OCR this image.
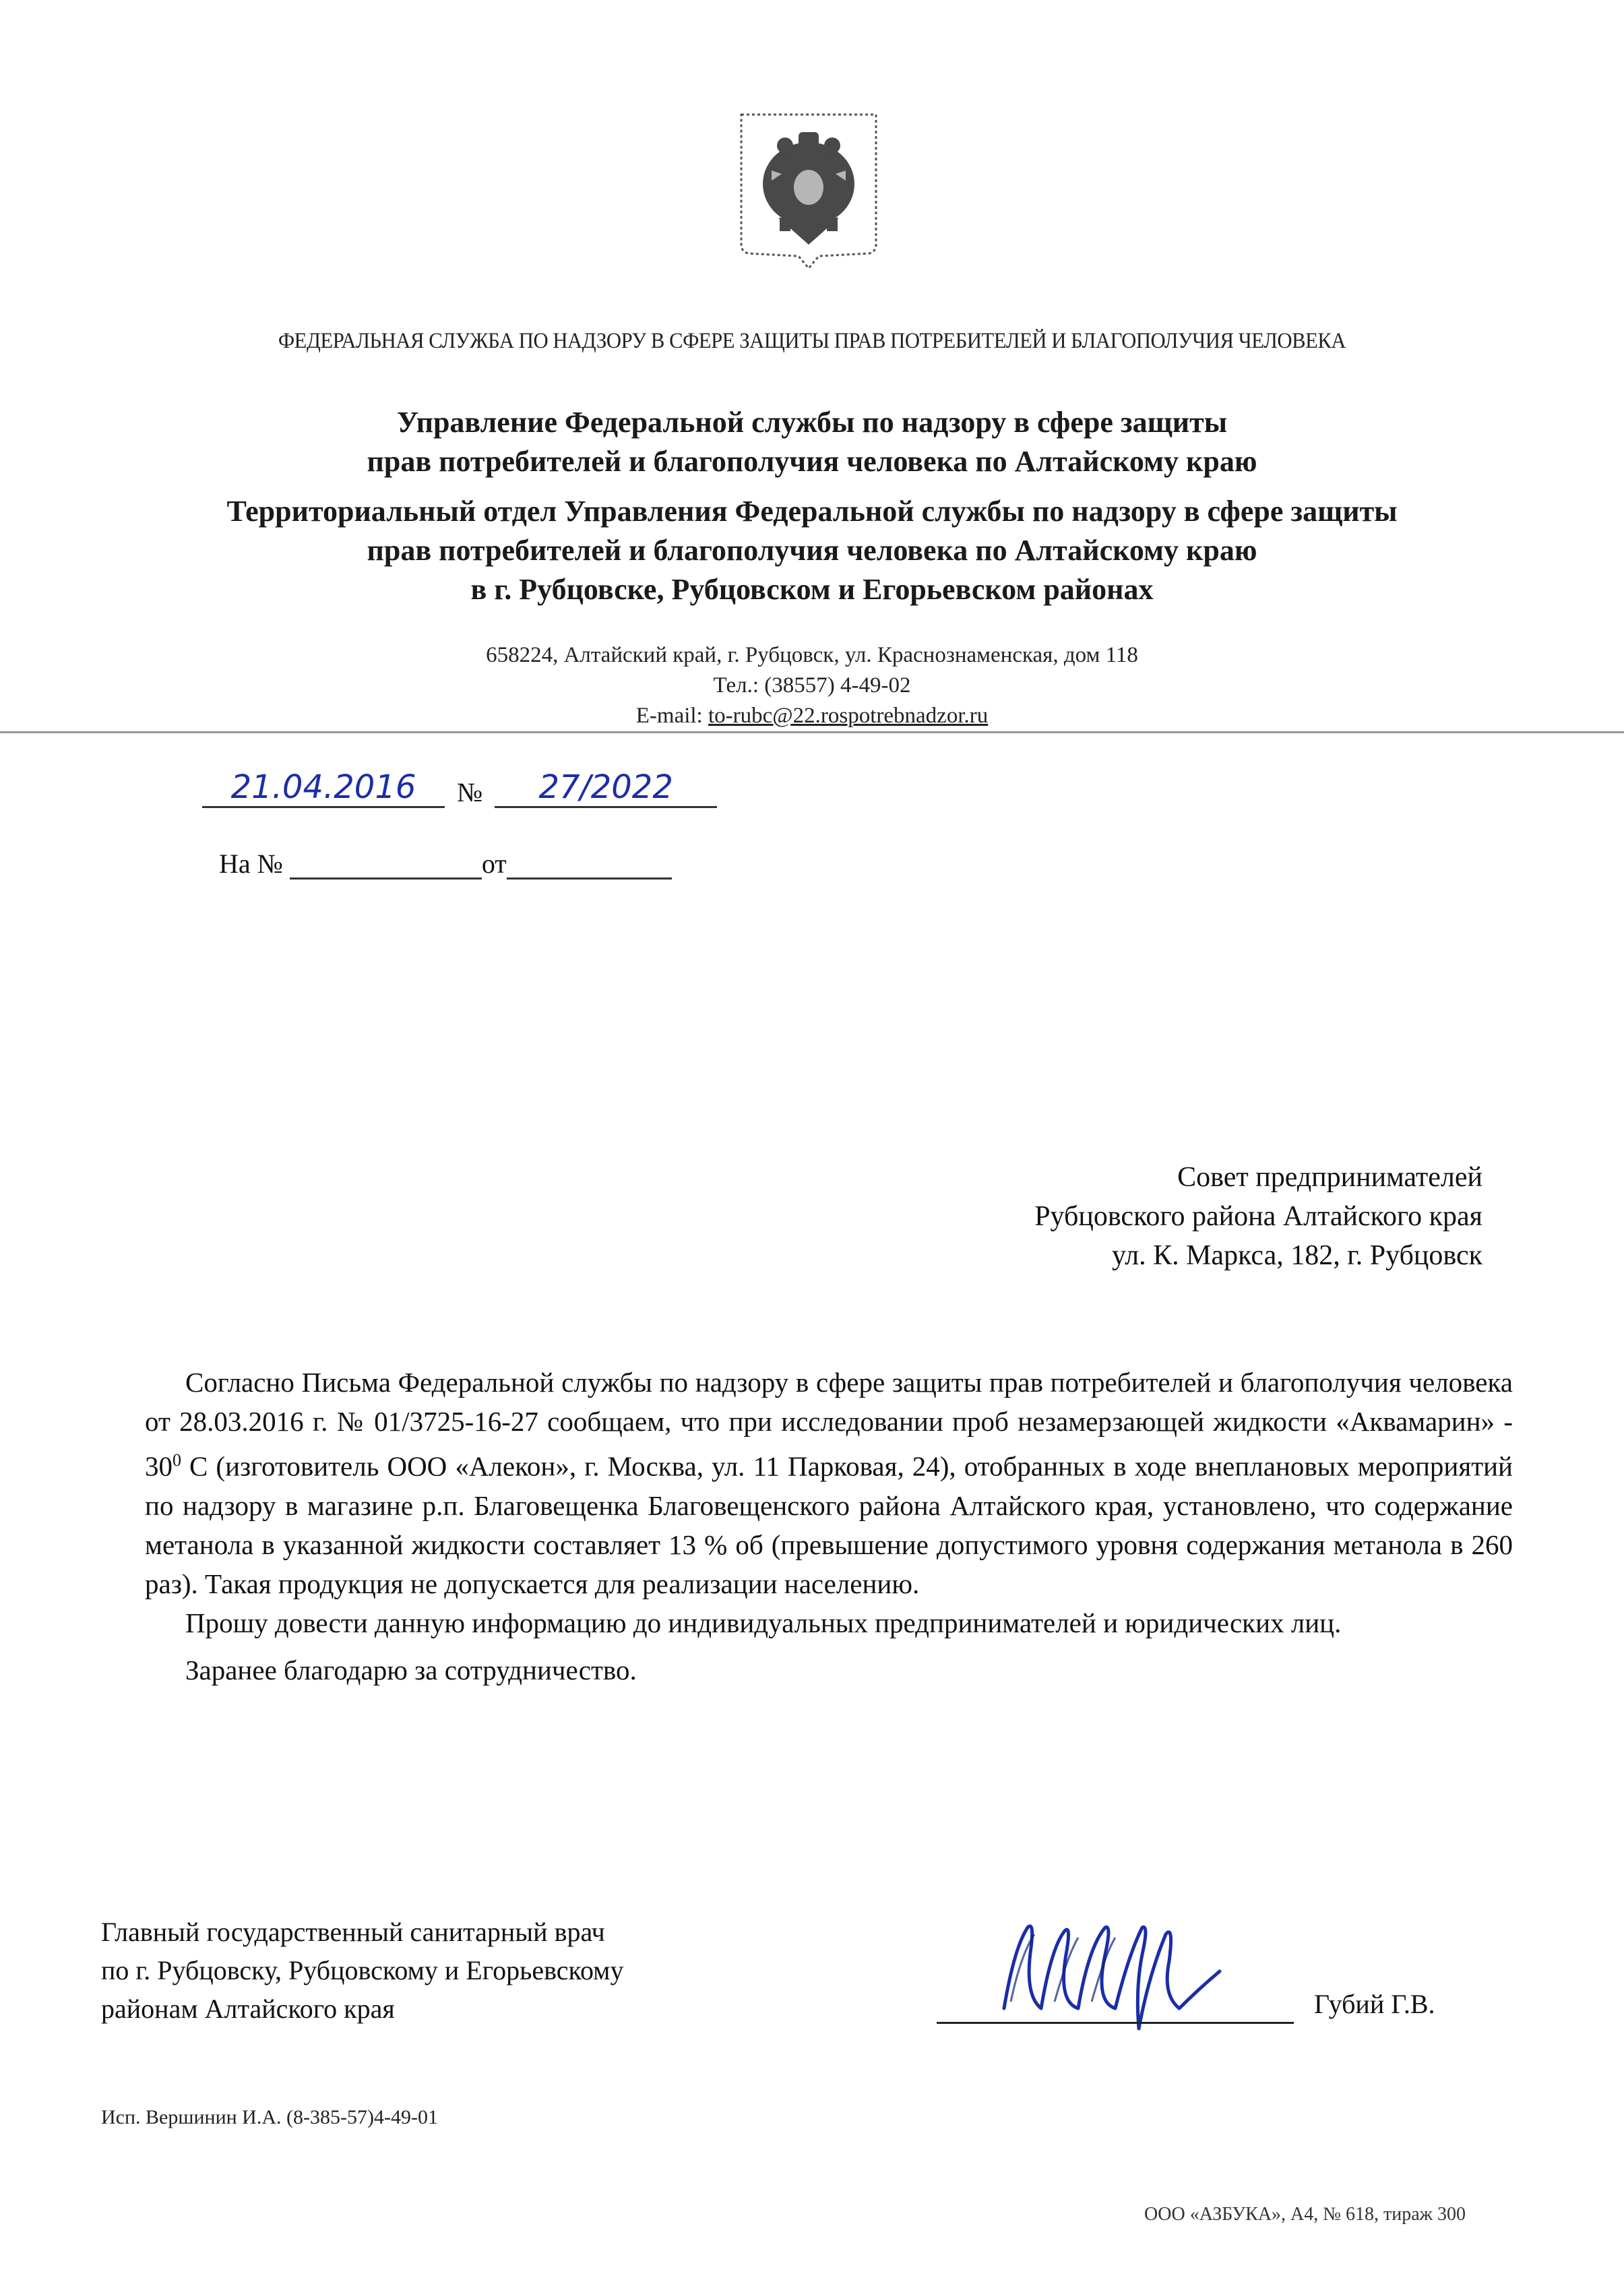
ФЕДЕРАЛЬНАЯ СЛУЖБА ПО НАДЗОРУ В СФЕРЕ ЗАЩИТЫ ПРАВ ПОТРЕБИТЕЛЕЙ И БЛАГОПОЛУЧИЯ ЧЕЛОВЕКА
Управление Федеральной службы по надзору в сфере защиты
прав потребителей и благополучия человека по Алтайскому краю
Территориальный отдел Управления Федеральной службы по надзору в сфере защиты
прав потребителей и благополучия человека по Алтайскому краю
в г. Рубцовске, Рубцовском и Егорьевском районах
658224, Алтайский край, г. Рубцовск, ул. Краснознаменская, дом 118
Тел.: (38557) 4-49-02
E-mail: to-rubc@22.rospotrebnadzor.ru
21.04.2016 № 27/2022
На №	от
Совет предпринимателей
Рубцовского района Алтайского края
ул. К. Маркса, 182, г. Рубцовск

Согласно Письма Федеральной службы по надзору в сфере защиты прав потребителей и благополучия человека от 28.03.2016 г. № 01/3725-16-27 сообщаем, что при исследовании проб незамерзающей жидкости «Аквамарин» - $30^0$ С (изготовитель ООО «Алекон», г. Москва, ул. 11 Парковая, 24), отобранных в ходе внеплановых мероприятий по надзору в магазине р.п. Благовещенка Благовещенского района Алтайского края, установлено, что содержание метанола в указанной жидкости составляет 13 % об (превышение допустимого уровня содержания метанола в 260 раз). Такая продукция не допускается для реализации населению.

Прошу довести данную информацию до индивидуальных предпринимателей и юридических лиц.

Заранее благодарю за сотрудничество.

Главный государственный санитарный врач
по г. Рубцовску, Рубцовскому и Егорьевскому
районам Алтайского края	Губий Г.В.
Исп. Вершинин И.А. (8-385-57)4-49-01
ООО «АЗБУКА», А4, № 618, тираж 300
